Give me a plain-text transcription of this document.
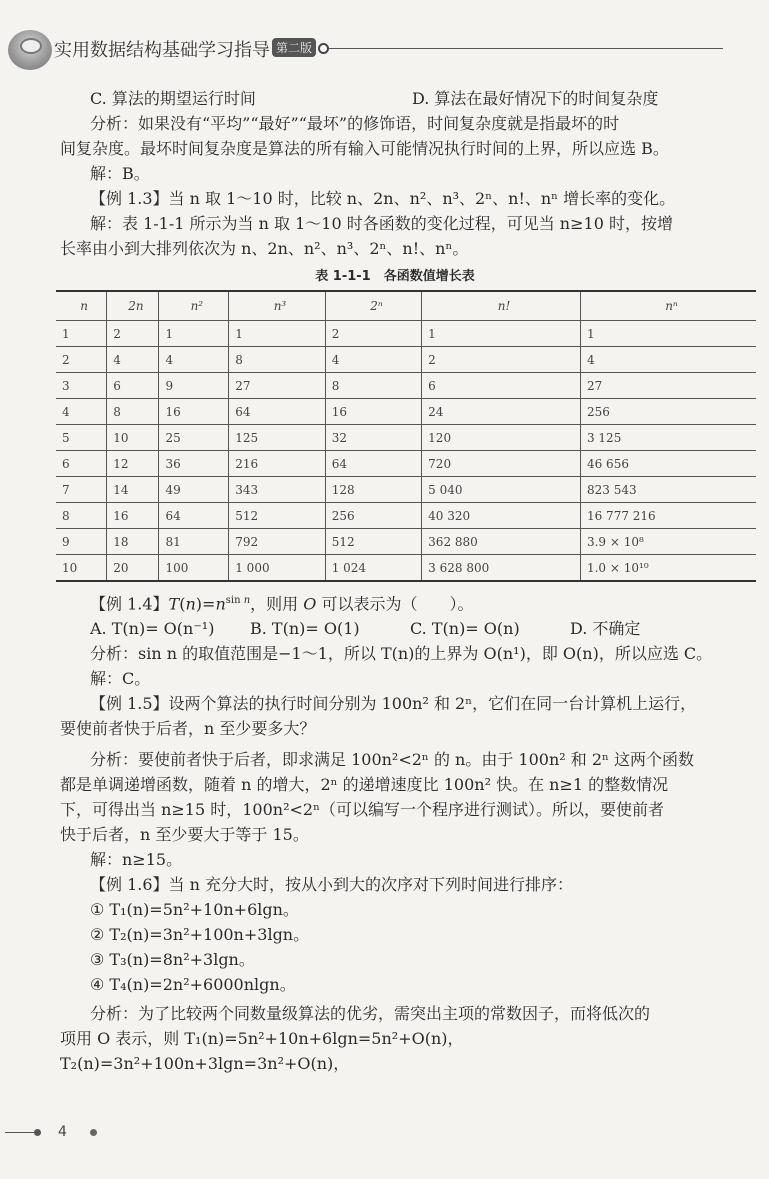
实用数据结构基础学习指导 第二版
C. 算法的期望运行时间	D. 算法在最好情况下的时间复杂度

分析：如果没有“平均”“最好”“最坏”的修饰语，时间复杂度就是指最坏的时

间复杂度。最坏时间复杂度是算法的所有输入可能情况执行时间的上界，所以应选 B。

解：B。

【例 1.3】当 n 取 1～10 时，比较 n、2n、n²、n³、2ⁿ、n!、nⁿ 增长率的变化。

解：表 1-1-1 所示为当 n 取 1～10 时各函数的变化过程，可见当 n≥10 时，按增

长率由小到大排列依次为 n、2n、n²、n³、2ⁿ、n!、nⁿ。

表 1-1-1　各函数值增长表
n	2n	n²	n³	2ⁿ	n!	nⁿ
1	2	1	1	2	1	1
2	4	4	8	4	2	4
3	6	9	27	8	6	27
4	8	16	64	16	24	256
5	10	25	125	32	120	3 125
6	12	36	216	64	720	46 656
7	14	49	343	128	5 040	823 543
8	16	64	512	256	40 320	16 777 216
9	18	81	792	512	362 880	3.9 × 10⁸
10	20	100	1 000	1 024	3 628 800	1.0 × 10¹⁰

【例 1.4】$T(n)=n^{sin n}$，则用 O 可以表示为（　　）。

A. T(n)= O(n⁻¹)	B. T(n)= O(1)	C. T(n)= O(n)	D. 不确定

分析：sin n 的取值范围是−1～1，所以 T(n)的上界为 O(n¹)，即 O(n)，所以应选 C。

解：C。

【例 1.5】设两个算法的执行时间分别为 100n² 和 2ⁿ，它们在同一台计算机上运行，

要使前者快于后者，n 至少要多大？

分析：要使前者快于后者，即求满足 100n²<2ⁿ 的 n。由于 100n² 和 2ⁿ 这两个函数

都是单调递增函数，随着 n 的增大，2ⁿ 的递增速度比 100n² 快。在 n≥1 的整数情况

下，可得出当 n≥15 时，100n²<2ⁿ（可以编写一个程序进行测试）。所以，要使前者

快于后者，n 至少要大于等于 15。

解：n≥15。

【例 1.6】当 n 充分大时，按从小到大的次序对下列时间进行排序：

① T₁(n)=5n²+10n+6lgn。

② T₂(n)=3n²+100n+3lgn。

③ T₃(n)=8n²+3lgn。

④ T₄(n)=2n²+6000nlgn。

分析：为了比较两个同数量级算法的优劣，需突出主项的常数因子，而将低次的

项用 O 表示，则 T₁(n)=5n²+10n+6lgn=5n²+O(n)，T₂(n)=3n²+100n+3lgn=3n²+O(n)，

4
